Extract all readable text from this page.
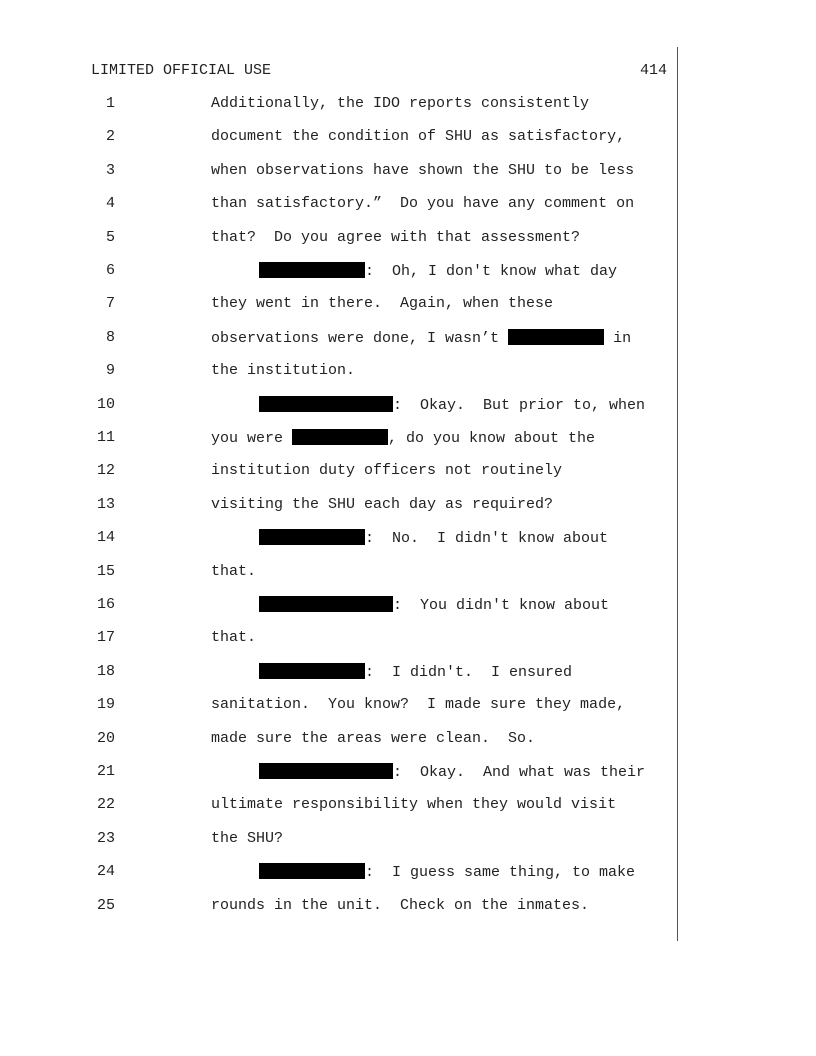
LIMITED OFFICIAL USE	414
1	Additionally, the IDO reports consistently
2	document the condition of SHU as satisfactory,
3	when observations have shown the SHU to be less
4	than satisfactory.”  Do you have any comment on
5	that?  Do you agree with that assessment?
6	:  Oh, I don't know what day
7	they went in there.  Again, when these
8	observations were done, I wasn’t	in
9	the institution.
10	:  Okay.  But prior to, when
11	you were	, do you know about the
12	institution duty officers not routinely
13	visiting the SHU each day as required?
14	:  No.  I didn't know about
15	that.
16	:  You didn't know about
17	that.
18	:  I didn't.  I ensured
19	sanitation.  You know?  I made sure they made,
20	made sure the areas were clean.  So.
21	:  Okay.  And what was their
22	ultimate responsibility when they would visit
23	the SHU?
24	:  I guess same thing, to make
25	rounds in the unit.  Check on the inmates.
